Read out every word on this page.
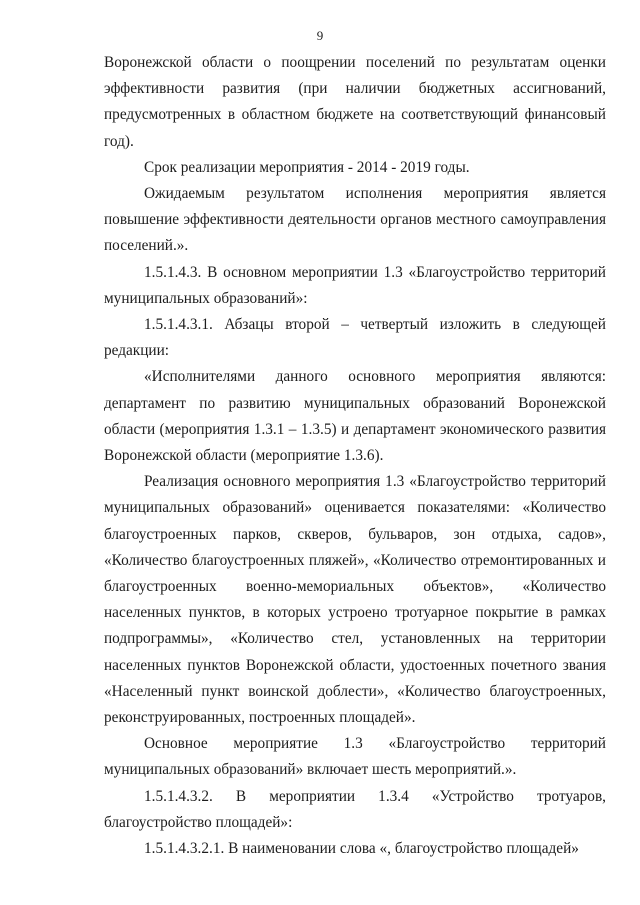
9

Воронежской области о поощрении поселений по результатам оценки эффективности развития (при наличии бюджетных ассигнований, предусмотренных в областном бюджете на соответствующий финансовый год).

Срок реализации мероприятия - 2014 - 2019 годы.

Ожидаемым результатом исполнения мероприятия является повышение эффективности деятельности органов местного самоуправления поселений.».

1.5.1.4.3. В основном мероприятии 1.3 «Благоустройство территорий муниципальных образований»:

1.5.1.4.3.1. Абзацы второй – четвертый изложить в следующей редакции:

«Исполнителями данного основного мероприятия являются: департамент по развитию муниципальных образований Воронежской области (мероприятия 1.3.1 – 1.3.5) и департамент экономического развития Воронежской области (мероприятие 1.3.6).

Реализация основного мероприятия 1.3 «Благоустройство территорий муниципальных образований» оценивается показателями: «Количество благоустроенных парков, скверов, бульваров, зон отдыха, садов», «Количество благоустроенных пляжей», «Количество отремонтированных и благоустроенных военно-мемориальных объектов», «Количество населенных пунктов, в которых устроено тротуарное покрытие в рамках подпрограммы», «Количество стел, установленных на территории населенных пунктов Воронежской области, удостоенных почетного звания «Населенный пункт воинской доблести», «Количество благоустроенных, реконструированных, построенных площадей».

Основное мероприятие 1.3 «Благоустройство территорий муниципальных образований» включает шесть мероприятий.».

1.5.1.4.3.2. В мероприятии 1.3.4 «Устройство тротуаров, благоустройство площадей»:

1.5.1.4.3.2.1. В наименовании слова «, благоустройство площадей»
